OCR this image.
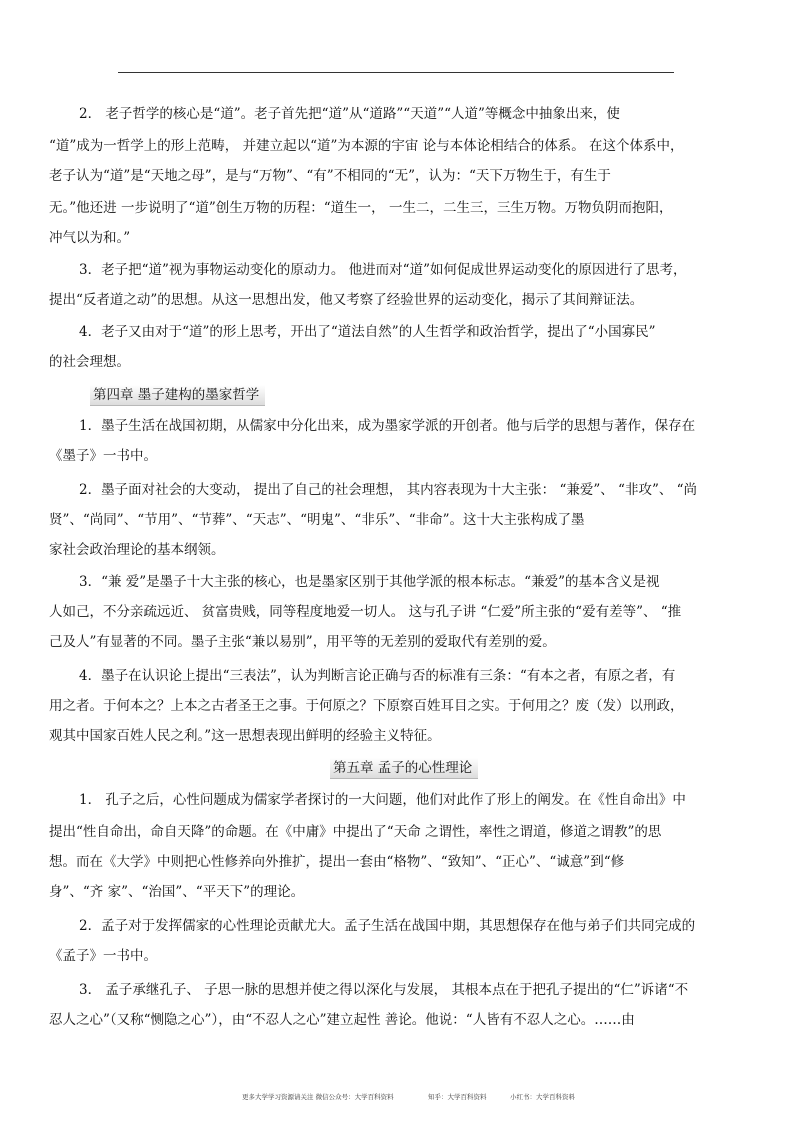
2． 老子哲学的核心是“道”。老子首先把“道”从“道路”“天道”“人道”等概念中抽象出来，使
“道”成为一哲学上的形上范畴， 并建立起以“道”为本源的宇宙 论与本体论相结合的体系。 在这个体系中，
老子认为“道”是“天地之母”，是与“万物”、“有”不相同的“无”，认为：“天下万物生于，有生于
无。”他还进 一步说明了“道”创生万物的历程：“道生一， 一生二，二生三，三生万物。万物负阴而抱阳，
冲气以为和。”
3．老子把“道”视为事物运动变化的原动力。 他进而对“道”如何促成世界运动变化的原因进行了思考，
提出“反者道之动”的思想。从这一思想出发，他又考察了经验世界的运动变化，揭示了其间辩证法。
4．老子又由对于“道”的形上思考，开出了“道法自然”的人生哲学和政治哲学，提出了“小国寡民”
的社会理想。
第四章 墨子建构的墨家哲学
1．墨子生活在战国初期，从儒家中分化出来，成为墨家学派的开创者。他与后学的思想与著作，保存在
《墨子》一书中。
2．墨子面对社会的大变动， 提出了自己的社会理想， 其内容表现为十大主张： “兼爱”、 “非攻”、 “尚
贤”、“尚同”、“节用”、“节葬”、“天志”、“明鬼”、“非乐”、“非命”。这十大主张构成了墨
家社会政治理论的基本纲领。
3．“兼 爱”是墨子十大主张的核心，也是墨家区别于其他学派的根本标志。“兼爱”的基本含义是视
人如己，不分亲疏远近、 贫富贵贱，同等程度地爱一切人。 这与孔子讲 “仁爱”所主张的“爱有差等”、 “推
己及人”有显著的不同。墨子主张“兼以易别”，用平等的无差别的爱取代有差别的爱。
4．墨子在认识论上提出“三表法”，认为判断言论正确与否的标准有三条：“有本之者，有原之者，有
用之者。于何本之？上本之古者圣王之事。于何原之？下原察百姓耳目之实。于何用之？废（发）以刑政，
观其中国家百姓人民之利。”这一思想表现出鲜明的经验主义特征。
第五章 孟子的心性理论
1． 孔子之后，心性问题成为儒家学者探讨的一大问题，他们对此作了形上的阐发。在《性自命出》中
提出“性自命出，命自天降”的命题。在《中庸》中提出了“天命 之谓性，率性之谓道，修道之谓教”的思
想。而在《大学》中则把心性修养向外推扩，提出一套由“格物”、“致知”、“正心”、“诚意”到“修
身”、“齐 家”、“治国”、“平天下”的理论。
2．孟子对于发挥儒家的心性理论贡献尤大。孟子生活在战国中期，其思想保存在他与弟子们共同完成的
《孟子》一书中。
3． 孟子承继孔子、 子思一脉的思想并使之得以深化与发展， 其根本点在于把孔子提出的“仁”诉诸“不
忍人之心”（又称“恻隐之心”），由“不忍人之心”建立起性 善论。他说：“人皆有不忍人之心。……由
更多大学学习资源请关注 微信公众号：大学百科资料	知乎：大学百科资料	小红书：大学百科资料
